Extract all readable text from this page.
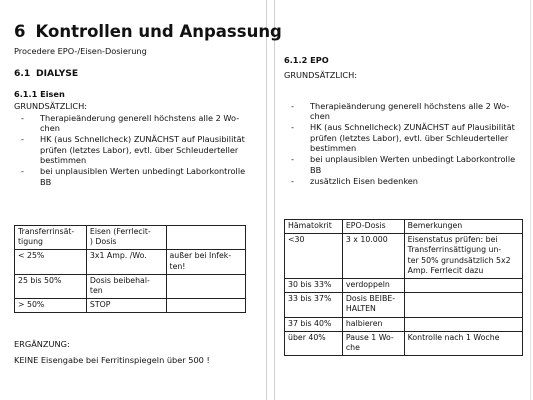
6 Kontrollen und Anpassung
Procedere EPO-/Eisen-Dosierung
6.1 DIALYSE
6.1.1 Eisen
GRUNDSÄTZLICH:
- Therapieänderung generell höchstens alle 2 Wo-
chen
- HK (aus Schnellcheck) ZUNÄCHST auf Plausibilität
prüfen (letztes Labor), evtl. über Schleuderteller
bestimmen
- bei unplausiblen Werten unbedingt Laborkontrolle
BB
Transferrinsät-
tigung	Eisen (Ferrlecit-
) Dosis	
< 25%	3x1 Amp. /Wo.	außer bei Infek-
ten!
25 bis 50%	Dosis beibehal-
ten	
> 50%	STOP	
ERGÄNZUNG:
KEINE Eisengabe bei Ferritinspiegeln über 500 !
6.1.2 EPO
GRUNDSÄTZLICH:
- Therapieänderung generell höchstens alle 2 Wo-
chen
- HK (aus Schnellcheck) ZUNÄCHST auf Plausibilität
prüfen (letztes Labor), evtl. über Schleuderteller
bestimmen
- bei unplausiblen Werten unbedingt Laborkontrolle
BB
- zusätzlich Eisen bedenken
Hämatokrit	EPO-Dosis	Bemerkungen
<30	3 x 10.000	Eisenstatus prüfen: bei
Transferrinsättigung un-
ter 50% grundsätzlich 5x2
Amp. Ferrlecit dazu
30 bis 33%	verdoppeln	
33 bis 37%	Dosis BEIBE-
HALTEN	
37 bis 40%	halbieren	
über 40%	Pause 1 Wo-
che	Kontrolle nach 1 Woche
